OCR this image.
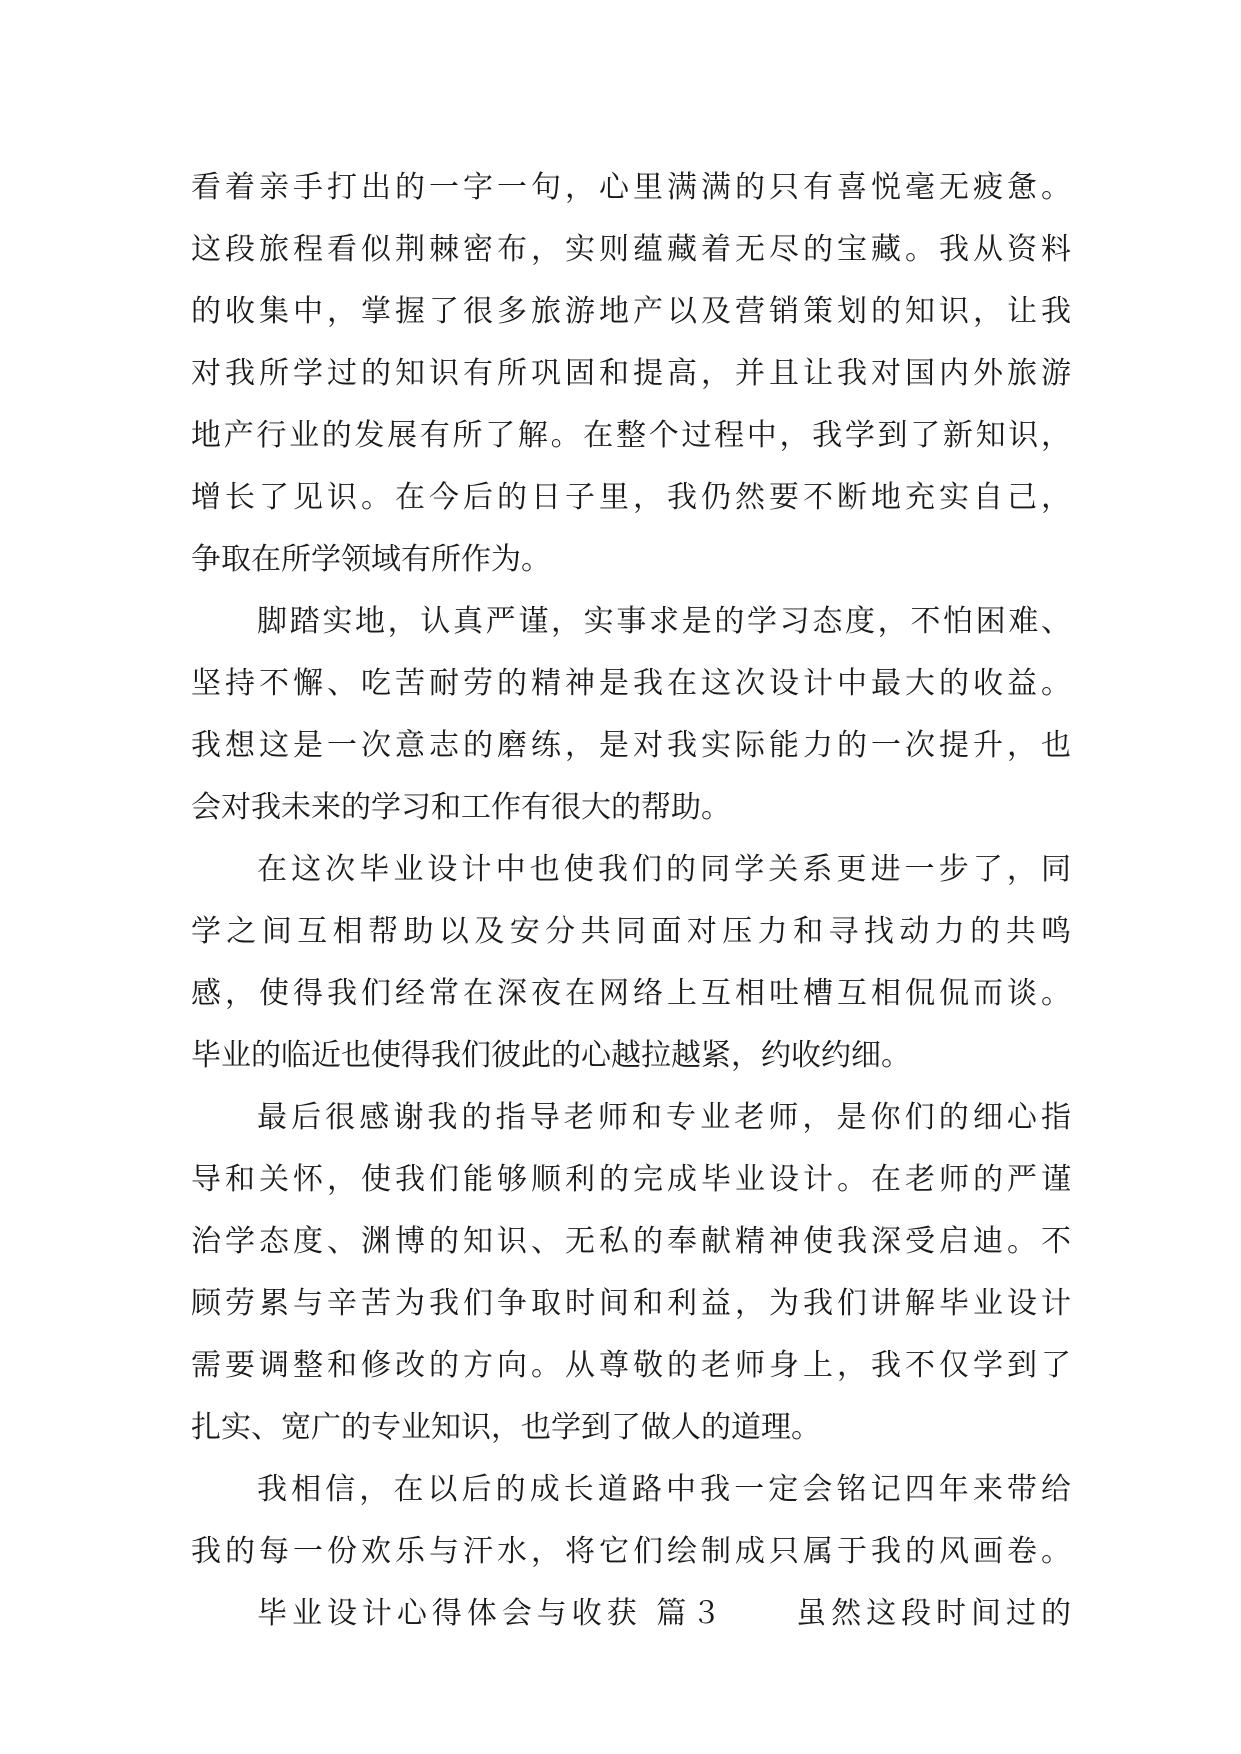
看着亲手打出的一字一句，心里满满的只有喜悦毫无疲惫。
这段旅程看似荆棘密布，实则蕴藏着无尽的宝藏。我从资料
的收集中，掌握了很多旅游地产以及营销策划的知识，让我
对我所学过的知识有所巩固和提高，并且让我对国内外旅游
地产行业的发展有所了解。在整个过程中，我学到了新知识，
增长了见识。在今后的日子里，我仍然要不断地充实自己，
争取在所学领域有所作为。
脚踏实地，认真严谨，实事求是的学习态度，不怕困难、
坚持不懈、吃苦耐劳的精神是我在这次设计中最大的收益。
我想这是一次意志的磨练，是对我实际能力的一次提升，也
会对我未来的学习和工作有很大的帮助。
在这次毕业设计中也使我们的同学关系更进一步了，同
学之间互相帮助以及安分共同面对压力和寻找动力的共鸣
感，使得我们经常在深夜在网络上互相吐槽互相侃侃而谈。
毕业的临近也使得我们彼此的心越拉越紧，约收约细。
最后很感谢我的指导老师和专业老师，是你们的细心指
导和关怀，使我们能够顺利的完成毕业设计。在老师的严谨
治学态度、渊博的知识、无私的奉献精神使我深受启迪。不
顾劳累与辛苦为我们争取时间和利益，为我们讲解毕业设计
需要调整和修改的方向。从尊敬的老师身上，我不仅学到了
扎实、宽广的专业知识，也学到了做人的道理。
我相信，在以后的成长道路中我一定会铭记四年来带给
我的每一份欢乐与汗水，将它们绘制成只属于我的风画卷。
毕业设计心得体会与收获 篇３　　虽然这段时间过的
